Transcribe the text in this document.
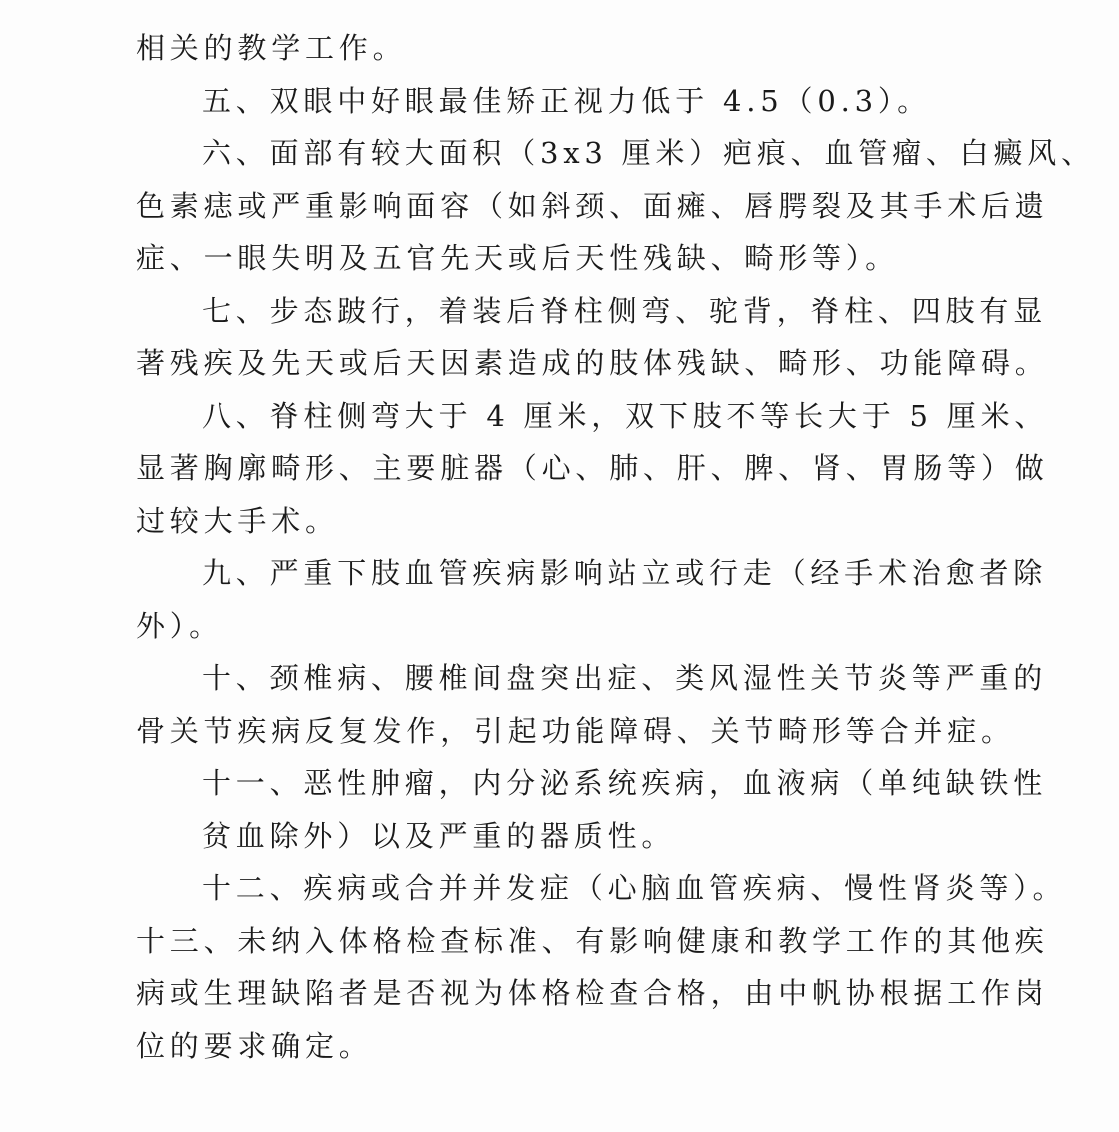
相关的教学工作。
五、双眼中好眼最佳矫正视力低于 4.5（0.3）。
六、面部有较大面积（3x3 厘米）疤痕、血管瘤、白癜风、
色素痣或严重影响面容（如斜颈、面瘫、唇腭裂及其手术后遗
症、一眼失明及五官先天或后天性残缺、畸形等）。
七、步态跛行，着装后脊柱侧弯、驼背，脊柱、四肢有显
著残疾及先天或后天因素造成的肢体残缺、畸形、功能障碍。
八、脊柱侧弯大于 4 厘米，双下肢不等长大于 5 厘米、
显著胸廓畸形、主要脏器（心、肺、肝、脾、肾、胃肠等）做
过较大手术。
九、严重下肢血管疾病影响站立或行走（经手术治愈者除
外）。
十、颈椎病、腰椎间盘突出症、类风湿性关节炎等严重的
骨关节疾病反复发作，引起功能障碍、关节畸形等合并症。
十一、恶性肿瘤，内分泌系统疾病，血液病（单纯缺铁性
贫血除外）以及严重的器质性。
十二、疾病或合并并发症（心脑血管疾病、慢性肾炎等）。
十三、未纳入体格检查标准、有影响健康和教学工作的其他疾
病或生理缺陷者是否视为体格检查合格，由中帆协根据工作岗
位的要求确定。
